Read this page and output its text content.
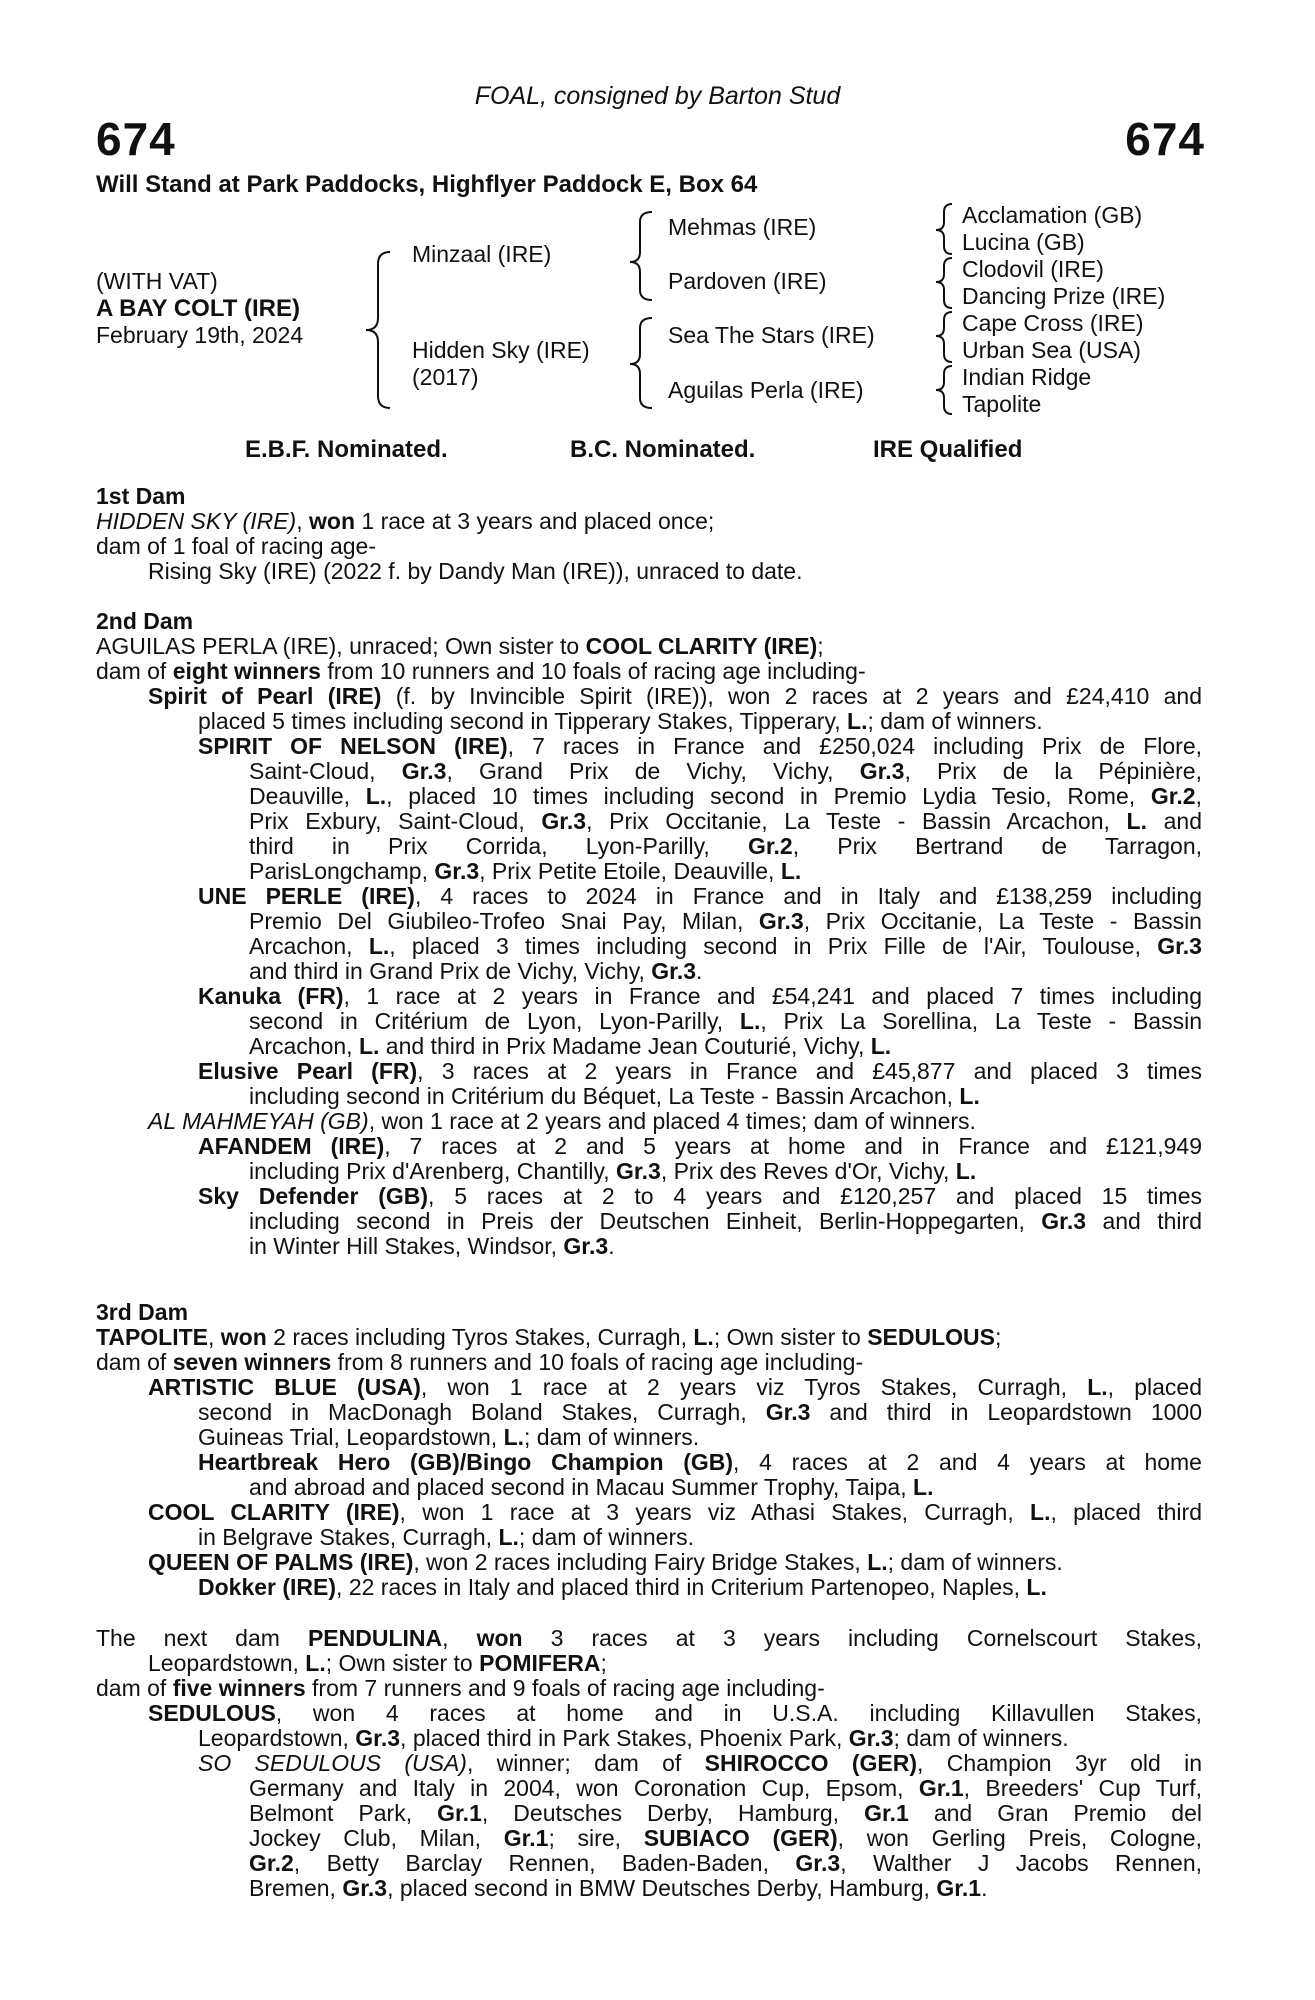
674
FOAL, consigned by Barton Stud
674
Will Stand at Park Paddocks, Highflyer Paddock E, Box 64
(WITH VAT)
A BAY COLT (IRE)
February 19th, 2024
Minzaal (IRE)
Hidden Sky (IRE)
(2017)
Mehmas (IRE)
Pardoven (IRE)
Sea The Stars (IRE)
Aguilas Perla (IRE)
Acclamation (GB)
Lucina (GB)
Clodovil (IRE)
Dancing Prize (IRE)
Cape Cross (IRE)
Urban Sea (USA)
Indian Ridge
Tapolite
E.B.F. Nominated.	B.C. Nominated.	IRE Qualified
1st Dam
HIDDEN SKY (IRE), won 1 race at 3 years and placed once;
dam of 1 foal of racing age-
Rising Sky (IRE) (2022 f. by Dandy Man (IRE)), unraced to date.
2nd Dam
AGUILAS PERLA (IRE), unraced; Own sister to COOL CLARITY (IRE);
dam of eight winners from 10 runners and 10 foals of racing age including-
Spirit of Pearl (IRE) (f. by Invincible Spirit (IRE)), won 2 races at 2 years and £24,410 and
placed 5 times including second in Tipperary Stakes, Tipperary, L.; dam of winners.
SPIRIT OF NELSON (IRE), 7 races in France and £250,024 including Prix de Flore,
Saint-Cloud, Gr.3, Grand Prix de Vichy, Vichy, Gr.3, Prix de la Pépinière,
Deauville, L., placed 10 times including second in Premio Lydia Tesio, Rome, Gr.2,
Prix Exbury, Saint-Cloud, Gr.3, Prix Occitanie, La Teste - Bassin Arcachon, L. and
third in Prix Corrida, Lyon-Parilly, Gr.2, Prix Bertrand de Tarragon,
ParisLongchamp, Gr.3, Prix Petite Etoile, Deauville, L.
UNE PERLE (IRE), 4 races to 2024 in France and in Italy and £138,259 including
Premio Del Giubileo-Trofeo Snai Pay, Milan, Gr.3, Prix Occitanie, La Teste - Bassin
Arcachon, L., placed 3 times including second in Prix Fille de l'Air, Toulouse, Gr.3
and third in Grand Prix de Vichy, Vichy, Gr.3.
Kanuka (FR), 1 race at 2 years in France and £54,241 and placed 7 times including
second in Critérium de Lyon, Lyon-Parilly, L., Prix La Sorellina, La Teste - Bassin
Arcachon, L. and third in Prix Madame Jean Couturié, Vichy, L.
Elusive Pearl (FR), 3 races at 2 years in France and £45,877 and placed 3 times
including second in Critérium du Béquet, La Teste - Bassin Arcachon, L.
AL MAHMEYAH (GB), won 1 race at 2 years and placed 4 times; dam of winners.
AFANDEM (IRE), 7 races at 2 and 5 years at home and in France and £121,949
including Prix d'Arenberg, Chantilly, Gr.3, Prix des Reves d'Or, Vichy, L.
Sky Defender (GB), 5 races at 2 to 4 years and £120,257 and placed 15 times
including second in Preis der Deutschen Einheit, Berlin-Hoppegarten, Gr.3 and third
in Winter Hill Stakes, Windsor, Gr.3.
3rd Dam
TAPOLITE, won 2 races including Tyros Stakes, Curragh, L.; Own sister to SEDULOUS;
dam of seven winners from 8 runners and 10 foals of racing age including-
ARTISTIC BLUE (USA), won 1 race at 2 years viz Tyros Stakes, Curragh, L., placed
second in MacDonagh Boland Stakes, Curragh, Gr.3 and third in Leopardstown 1000
Guineas Trial, Leopardstown, L.; dam of winners.
Heartbreak Hero (GB)/Bingo Champion (GB), 4 races at 2 and 4 years at home
and abroad and placed second in Macau Summer Trophy, Taipa, L.
COOL CLARITY (IRE), won 1 race at 3 years viz Athasi Stakes, Curragh, L., placed third
in Belgrave Stakes, Curragh, L.; dam of winners.
QUEEN OF PALMS (IRE), won 2 races including Fairy Bridge Stakes, L.; dam of winners.
Dokker (IRE), 22 races in Italy and placed third in Criterium Partenopeo, Naples, L.
The next dam PENDULINA, won 3 races at 3 years including Cornelscourt Stakes,
Leopardstown, L.; Own sister to POMIFERA;
dam of five winners from 7 runners and 9 foals of racing age including-
SEDULOUS, won 4 races at home and in U.S.A. including Killavullen Stakes,
Leopardstown, Gr.3, placed third in Park Stakes, Phoenix Park, Gr.3; dam of winners.
SO SEDULOUS (USA), winner; dam of SHIROCCO (GER), Champion 3yr old in
Germany and Italy in 2004, won Coronation Cup, Epsom, Gr.1, Breeders' Cup Turf,
Belmont Park, Gr.1, Deutsches Derby, Hamburg, Gr.1 and Gran Premio del
Jockey Club, Milan, Gr.1; sire, SUBIACO (GER), won Gerling Preis, Cologne,
Gr.2, Betty Barclay Rennen, Baden-Baden, Gr.3, Walther J Jacobs Rennen,
Bremen, Gr.3, placed second in BMW Deutsches Derby, Hamburg, Gr.1.
